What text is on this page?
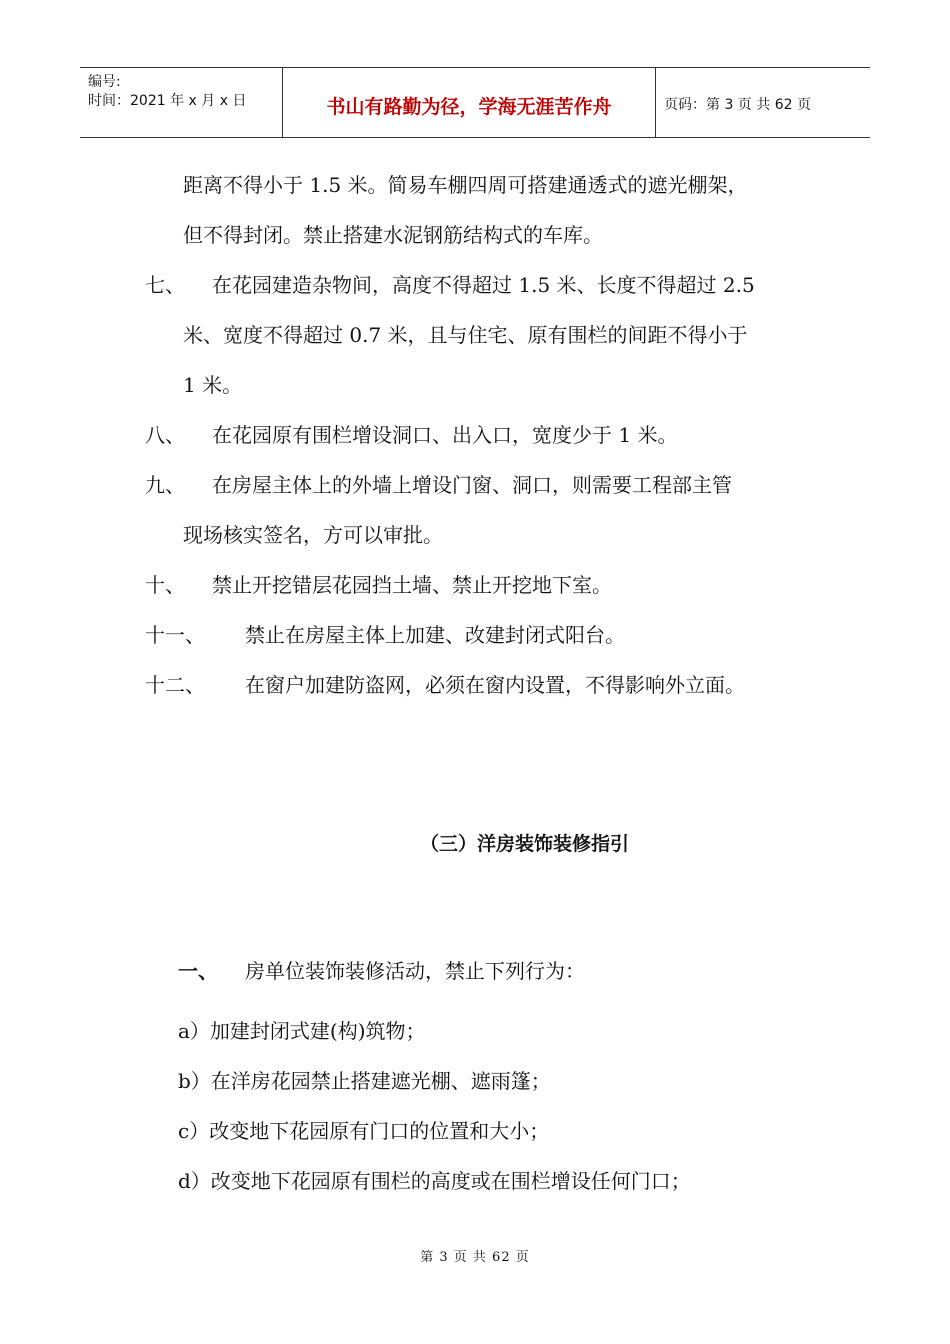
编号:
时间：2021 年 x 月 x 日	书山有路勤为径，学海无涯苦作舟	页码：第 3 页 共 62 页
距离不得小于 1.5 米。简易车棚四周可搭建通透式的遮光棚架，
但不得封闭。禁止搭建水泥钢筋结构式的车库。
七、 在花园建造杂物间，高度不得超过 1.5 米、长度不得超过 2.5
米、宽度不得超过 0.7 米，且与住宅、原有围栏的间距不得小于
1 米。
八、 在花园原有围栏增设洞口、出入口，宽度少于 1 米。
九、 在房屋主体上的外墙上增设门窗、洞口，则需要工程部主管
现场核实签名，方可以审批。
十、 禁止开挖错层花园挡土墙、禁止开挖地下室。
十一、 禁止在房屋主体上加建、改建封闭式阳台。
十二、 在窗户加建防盗网，必须在窗内设置，不得影响外立面。
（三）洋房装饰装修指引
一、 房单位装饰装修活动，禁止下列行为：
a）加建封闭式建(构)筑物；
b）在洋房花园禁止搭建遮光棚、遮雨篷；
c）改变地下花园原有门口的位置和大小；
d）改变地下花园原有围栏的高度或在围栏增设任何门口；
第 3 页 共 62 页
